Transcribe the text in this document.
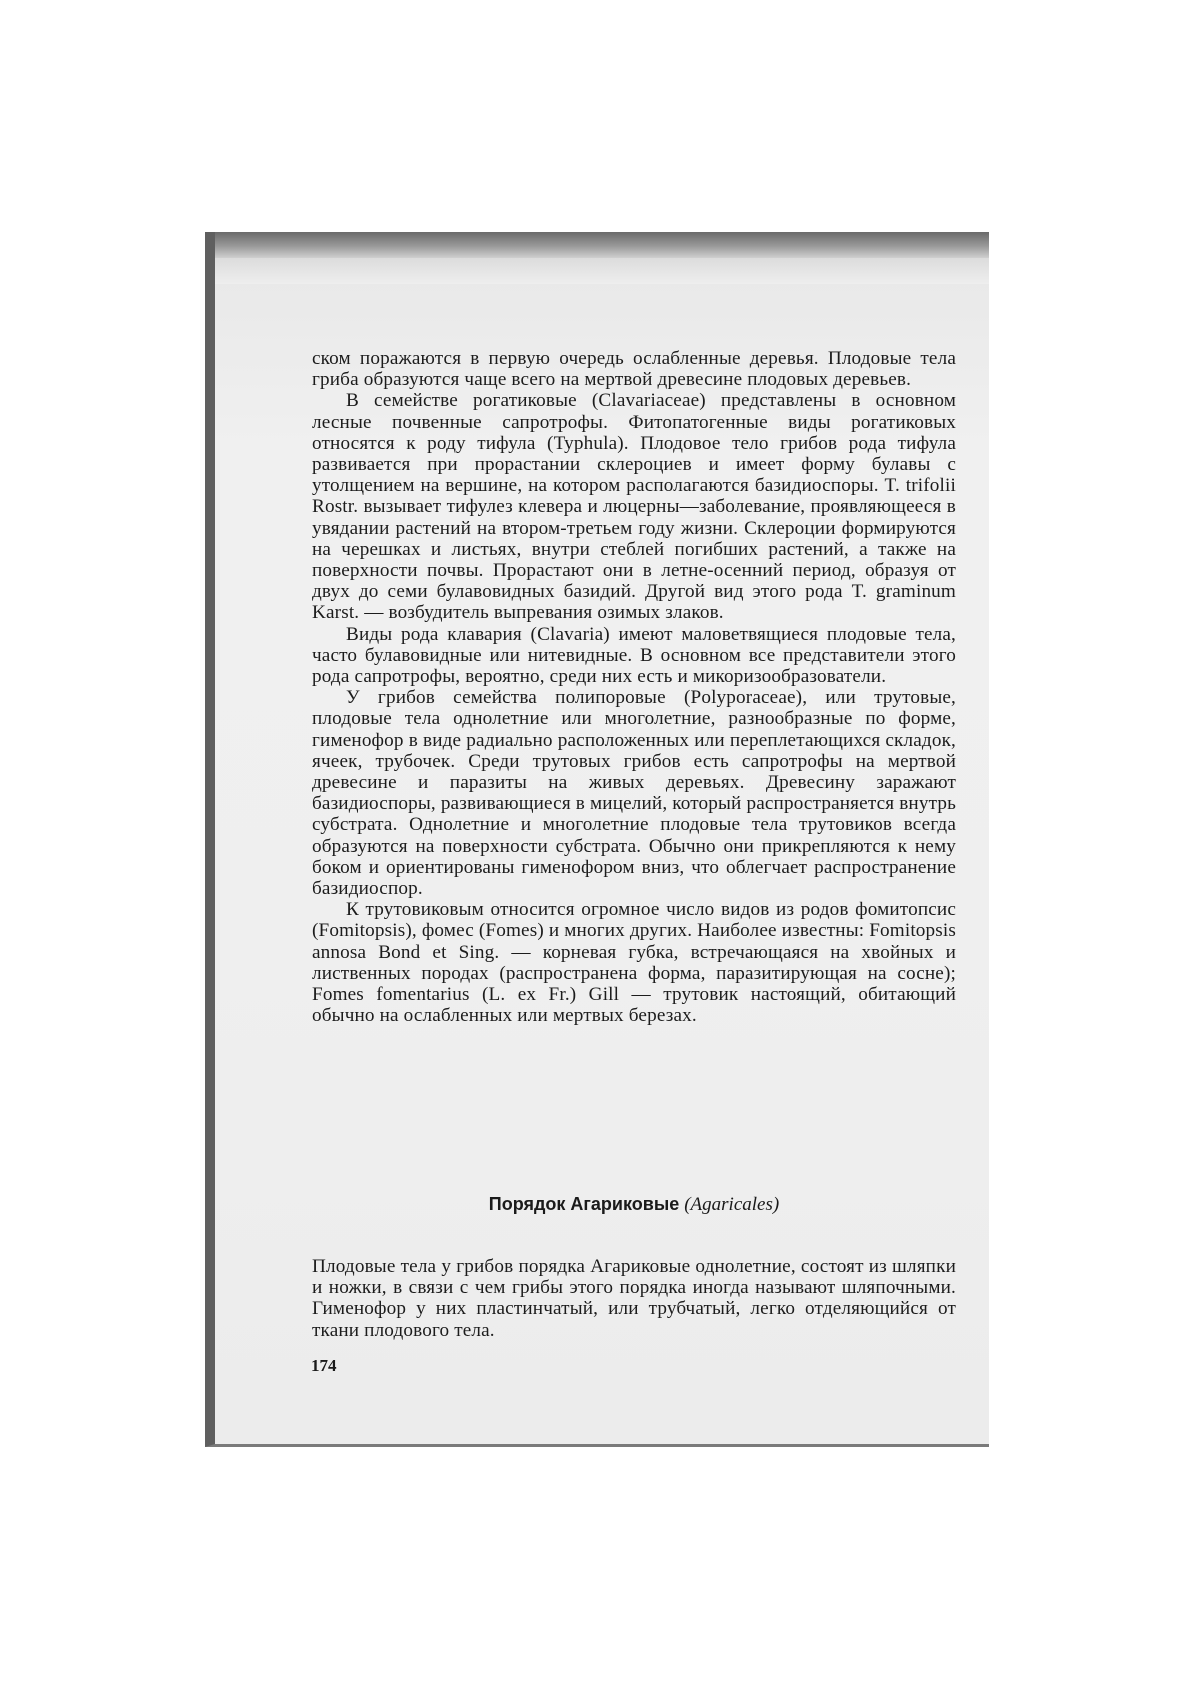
ском поражаются в первую очередь ослабленные деревья. Плодовые тела гриба образуются чаще всего на мертвой древесине плодовых деревьев.

В семействе рогатиковые (Clavariaceae) представлены в основном лесные почвенные сапротрофы. Фитопатогенные виды рогатиковых относятся к роду тифула (Typhula). Плодовое тело грибов рода тифула развивается при прорастании склероциев и имеет форму булавы с утолщением на вершине, на котором располагаются базидиоспоры. T. trifolii Rostr. вызывает тифулез клевера и люцерны—заболевание, проявляющееся в увядании растений на втором-третьем году жизни. Склероции формируются на черешках и листьях, внутри стеблей погибших растений, а также на поверхности почвы. Прорастают они в летне-осенний период, образуя от двух до семи булавовидных базидий. Другой вид этого рода T. graminum Karst. — возбудитель выпревания озимых злаков.

Виды рода клавария (Clavaria) имеют маловетвящиеся плодовые тела, часто булавовидные или нитевидные. В основном все представители этого рода сапротрофы, вероятно, среди них есть и микоризообразователи.

У грибов семейства полипоровые (Polyporaceae), или трутовые, плодовые тела однолетние или многолетние, разнообразные по форме, гименофор в виде радиально расположенных или переплетающихся складок, ячеек, трубочек. Среди трутовых грибов есть сапротрофы на мертвой древесине и паразиты на живых деревьях. Древесину заражают базидиоспоры, развивающиеся в мицелий, который распространяется внутрь субстрата. Однолетние и многолетние плодовые тела трутовиков всегда образуются на поверхности субстрата. Обычно они прикрепляются к нему боком и ориентированы гименофором вниз, что облегчает распространение базидиоспор.

К трутовиковым относится огромное число видов из родов фомитопсис (Fomitopsis), фомес (Fomes) и многих других. Наиболее известны: Fomitopsis annosa Bond et Sing. — корневая губка, встречающаяся на хвойных и лиственных породах (распространена форма, паразитирующая на сосне); Fomes fomentarius (L. ex Fr.) Gill — трутовик настоящий, обитающий обычно на ослабленных или мертвых березах.

Порядок Агариковые (Agaricales)

Плодовые тела у грибов порядка Агариковые однолетние, состоят из шляпки и ножки, в связи с чем грибы этого порядка иногда называют шляпочными. Гименофор у них пластинчатый, или трубчатый, легко отделяющийся от ткани плодового тела.

174
